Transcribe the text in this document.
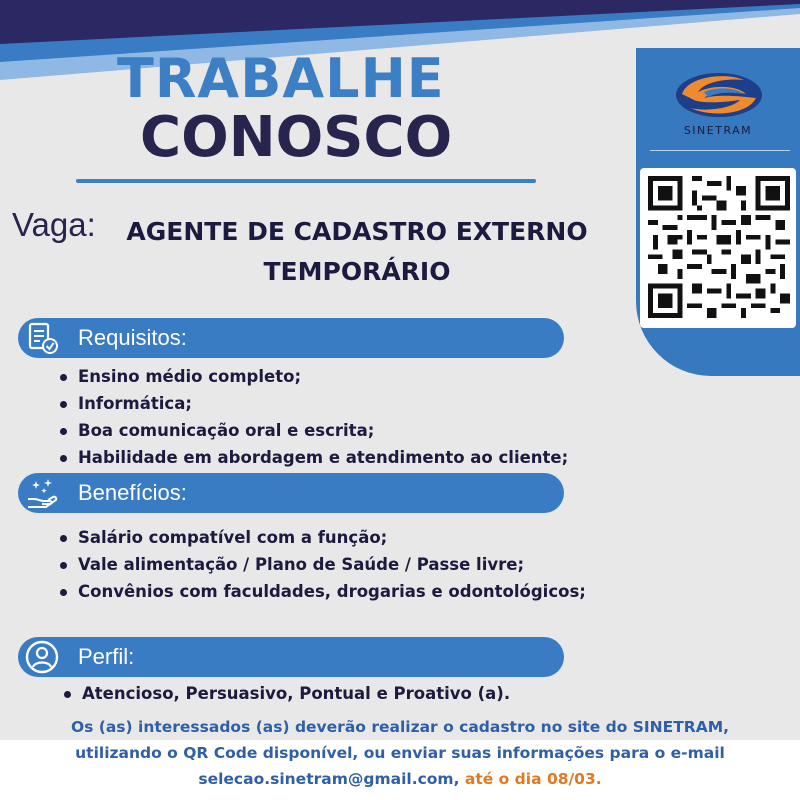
TRABALHE
CONOSCO
Vaga: AGENTE DE CADASTRO EXTERNO
TEMPORÁRIO
SINETRAM
Requisitos:
Ensino médio completo;
Informática;
Boa comunicação oral e escrita;
Habilidade em abordagem e atendimento ao cliente;
Benefícios:
Salário compatível com a função;
Vale alimentação / Plano de Saúde / Passe livre;
Convênios com faculdades, drogarias e odontológicos;
Perfil:
Atencioso, Persuasivo, Pontual e Proativo (a).
Os (as) interessados (as) deverão realizar o cadastro no site do SINETRAM,
utilizando o QR Code disponível, ou enviar suas informações para o e-mail
selecao.sinetram@gmail.com, até o dia 08/03.
